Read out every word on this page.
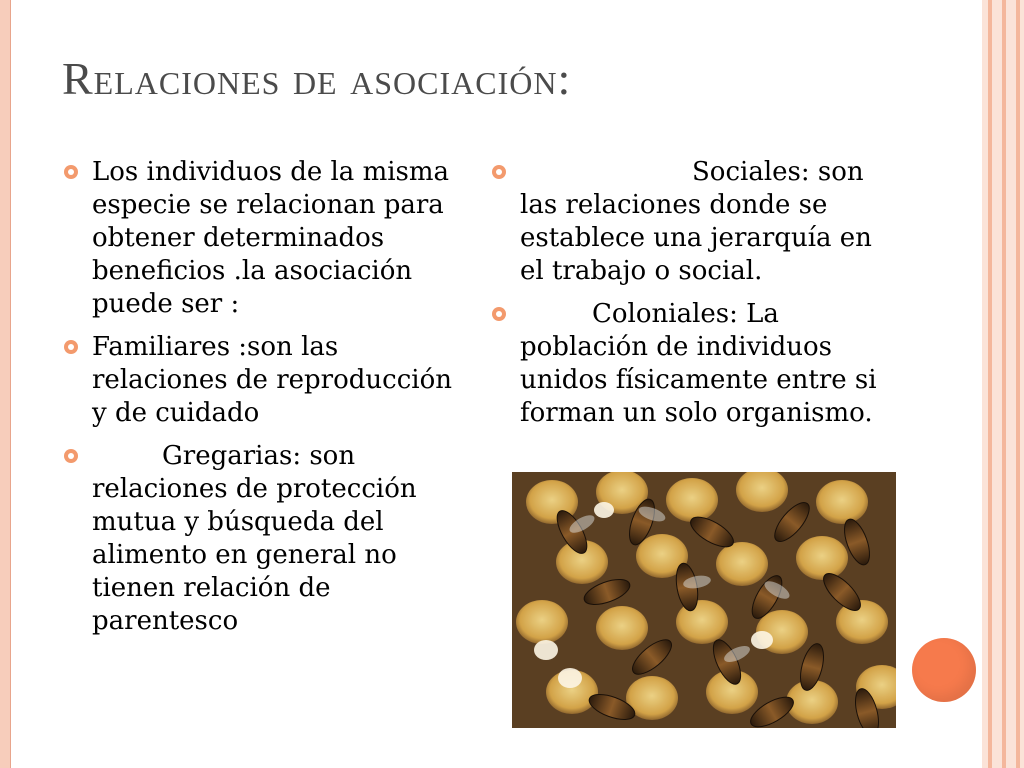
Relaciones de asociación:
Los individuos de la misma especie se relacionan para obtener determinados beneficios .la asociación puede ser :
Familiares :son las relaciones de reproducción y de cuidado
Gregarias: son relaciones de protección mutua y búsqueda del alimento en general no tienen relación de parentesco
Sociales: son las relaciones donde se establece una jerarquía en el trabajo o social.
Coloniales: La población de individuos unidos físicamente entre si forman un solo organismo.
